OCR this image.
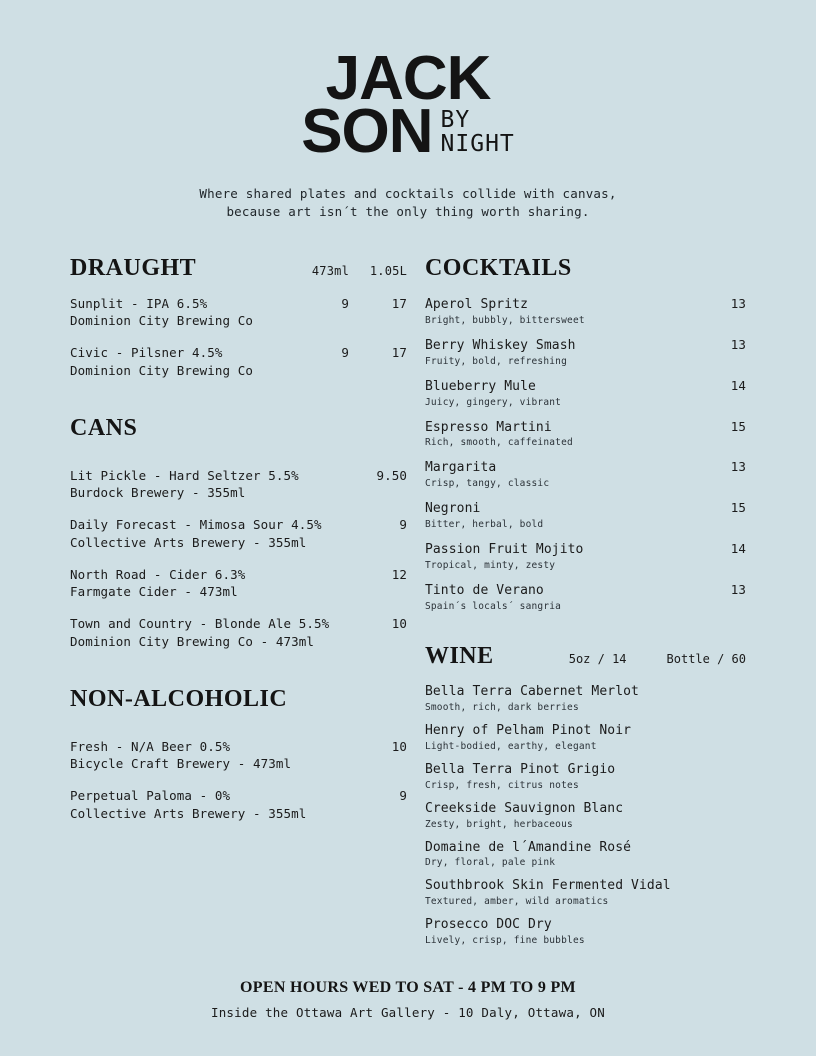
JACK
SON BY
NIGHT
Where shared plates and cocktails collide with canvas,
because art isn´t the only thing worth sharing.
DRAUGHT	473ml	1.05L
Sunplit - IPA 6.5%	9	17
Dominion City Brewing Co
Civic - Pilsner 4.5%	9	17
Dominion City Brewing Co
CANS
Lit Pickle - Hard Seltzer 5.5%	9.50
Burdock Brewery - 355ml
Daily Forecast - Mimosa Sour 4.5%	9
Collective Arts Brewery - 355ml
North Road - Cider 6.3%	12
Farmgate Cider - 473ml
Town and Country - Blonde Ale 5.5%	10
Dominion City Brewing Co - 473ml
NON-ALCOHOLIC
Fresh - N/A Beer 0.5%	10
Bicycle Craft Brewery - 473ml
Perpetual Paloma - 0%	9
Collective Arts Brewery - 355ml
COCKTAILS
Aperol Spritz	13
Bright, bubbly, bittersweet
Berry Whiskey Smash	13
Fruity, bold, refreshing
Blueberry Mule	14
Juicy, gingery, vibrant
Espresso Martini	15
Rich, smooth, caffeinated
Margarita	13
Crisp, tangy, classic
Negroni	15
Bitter, herbal, bold
Passion Fruit Mojito	14
Tropical, minty, zesty
Tinto de Verano	13
Spain´s locals´ sangria
WINE	5oz / 14	Bottle / 60
Bella Terra Cabernet Merlot
Smooth, rich, dark berries
Henry of Pelham Pinot Noir
Light-bodied, earthy, elegant
Bella Terra Pinot Grigio
Crisp, fresh, citrus notes
Creekside Sauvignon Blanc
Zesty, bright, herbaceous
Domaine de l´Amandine Rosé
Dry, floral, pale pink
Southbrook Skin Fermented Vidal
Textured, amber, wild aromatics
Prosecco DOC Dry
Lively, crisp, fine bubbles
OPEN HOURS WED TO SAT - 4 PM TO 9 PM
Inside the Ottawa Art Gallery - 10 Daly, Ottawa, ON
